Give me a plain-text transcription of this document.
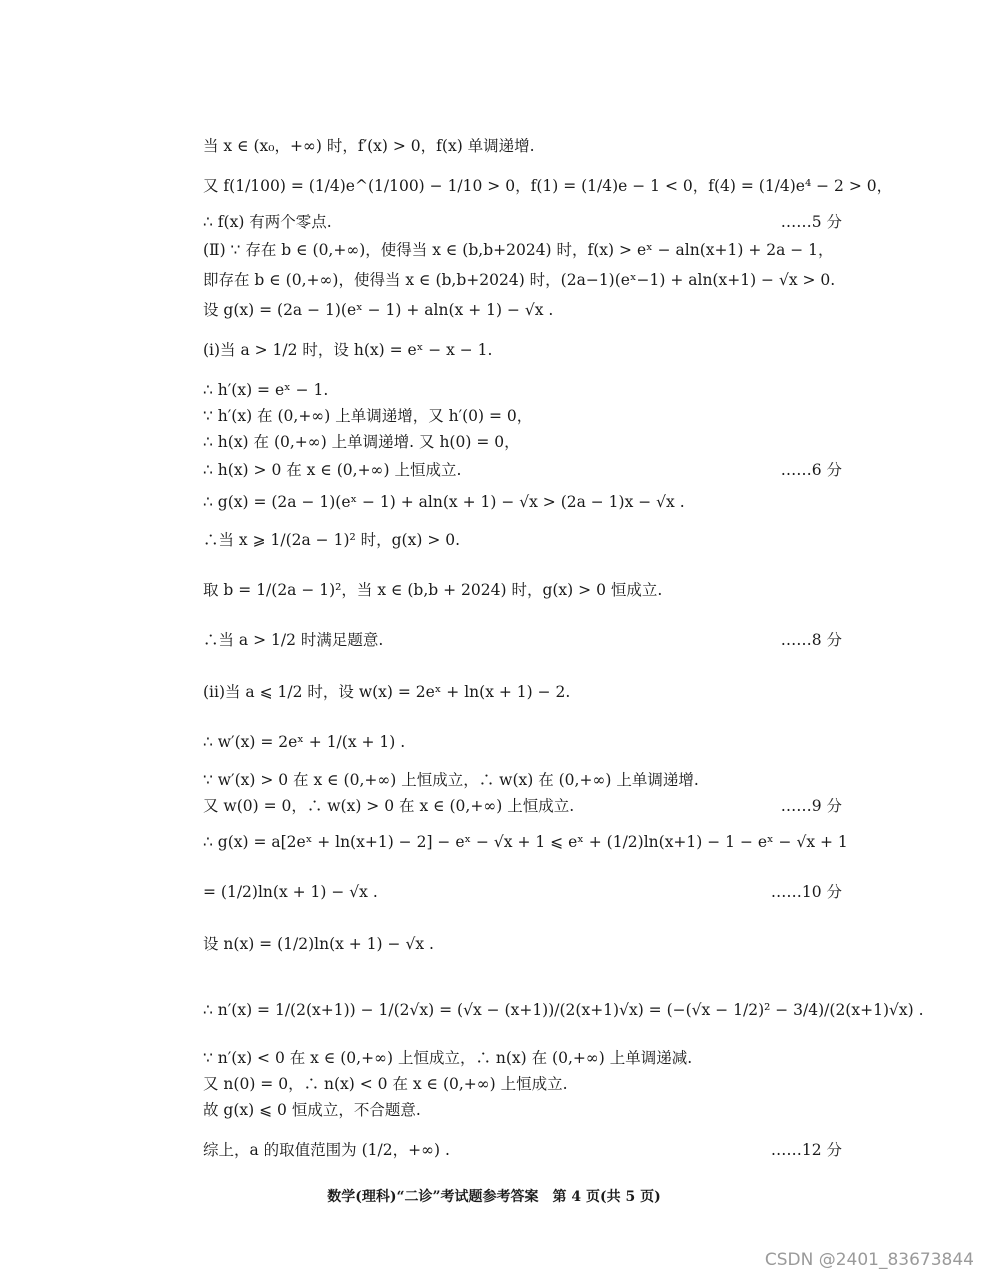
当 x ∈ (x₀，+∞) 时，f′(x) > 0，f(x) 单调递增.
又 f(1/100) = (1/4)e^(1/100) − 1/10 > 0，f(1) = (1/4)e − 1 < 0，f(4) = (1/4)e⁴ − 2 > 0，
∴ f(x) 有两个零点.	……5 分
(Ⅱ) ∵ 存在 b ∈ (0,+∞)，使得当 x ∈ (b,b+2024) 时，f(x) > eˣ − aln(x+1) + 2a − 1，
即存在 b ∈ (0,+∞)，使得当 x ∈ (b,b+2024) 时，(2a−1)(eˣ−1) + aln(x+1) − √x > 0.
设 g(x) = (2a − 1)(eˣ − 1) + aln(x + 1) − √x .
(i)当 a > 1/2 时，设 h(x) = eˣ − x − 1.
∴ h′(x) = eˣ − 1.
∵ h′(x) 在 (0,+∞) 上单调递增，又 h′(0) = 0，
∴ h(x) 在 (0,+∞) 上单调递增. 又 h(0) = 0，
∴ h(x) > 0 在 x ∈ (0,+∞) 上恒成立.	……6 分
∴ g(x) = (2a − 1)(eˣ − 1) + aln(x + 1) − √x > (2a − 1)x − √x .
∴当 x ⩾ 1/(2a − 1)² 时，g(x) > 0.
取 b = 1/(2a − 1)²，当 x ∈ (b,b + 2024) 时，g(x) > 0 恒成立.
∴当 a > 1/2 时满足题意.	……8 分
(ii)当 a ⩽ 1/2 时，设 w(x) = 2eˣ + ln(x + 1) − 2.
∴ w′(x) = 2eˣ + 1/(x + 1) .
∵ w′(x) > 0 在 x ∈ (0,+∞) 上恒成立，∴ w(x) 在 (0,+∞) 上单调递增.
又 w(0) = 0，∴ w(x) > 0 在 x ∈ (0,+∞) 上恒成立.	……9 分
∴ g(x) = a[2eˣ + ln(x+1) − 2] − eˣ − √x + 1 ⩽ eˣ + (1/2)ln(x+1) − 1 − eˣ − √x + 1
= (1/2)ln(x + 1) − √x .	……10 分
设 n(x) = (1/2)ln(x + 1) − √x .
∴ n′(x) = 1/(2(x+1)) − 1/(2√x) = (√x − (x+1))/(2(x+1)√x) = (−(√x − 1/2)² − 3/4)/(2(x+1)√x) .
∵ n′(x) < 0 在 x ∈ (0,+∞) 上恒成立，∴ n(x) 在 (0,+∞) 上单调递减.
又 n(0) = 0，∴ n(x) < 0 在 x ∈ (0,+∞) 上恒成立.
故 g(x) ⩽ 0 恒成立，不合题意.
综上，a 的取值范围为 (1/2，+∞) .	……12 分
数学(理科)“二诊”考试题参考答案　第 4 页(共 5 页)
CSDN @2401_83673844
